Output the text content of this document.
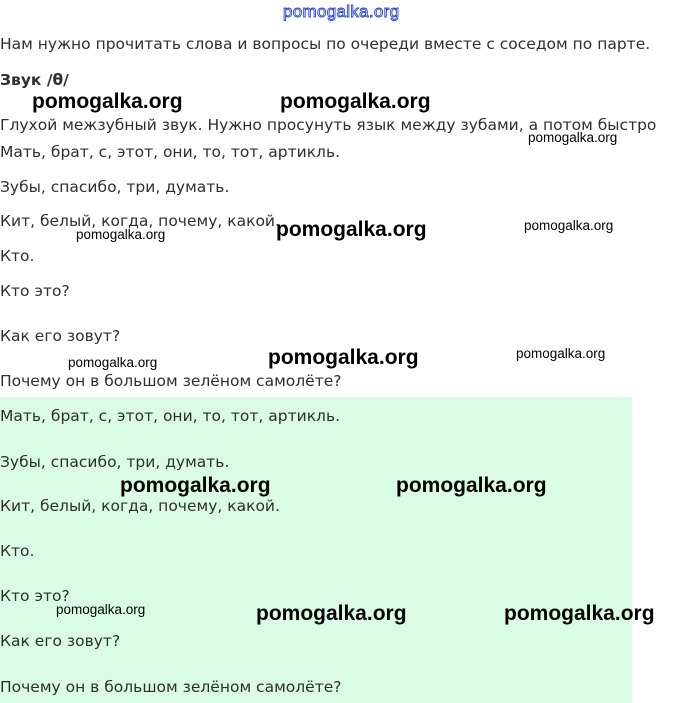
pomogalka.org
Нам нужно прочитать слова и вопросы по очереди вместе с соседом по парте.
Звук /θ/
Глухой межзубный звук. Нужно просунуть язык между зубами, а потом быстро
Мать, брат, с, этот, они, то, тот, артикль.
Зубы, спасибо, три, думать.
Кит, белый, когда, почему, какой.
Кто.
Кто это?
Как его зовут?
Почему он в большом зелёном самолёте?
Мать, брат, с, этот, они, то, тот, артикль.
Зубы, спасибо, три, думать.
Кит, белый, когда, почему, какой.
Кто.
Кто это?
Как его зовут?
Почему он в большом зелёном самолёте?
pomogalka.org	pomogalka.org
pomogalka.org
pomogalka.org
pomogalka.org
pomogalka.org
pomogalka.org
pomogalka.org
pomogalka.org
pomogalka.org	pomogalka.org
pomogalka.org
pomogalka.org	pomogalka.org
